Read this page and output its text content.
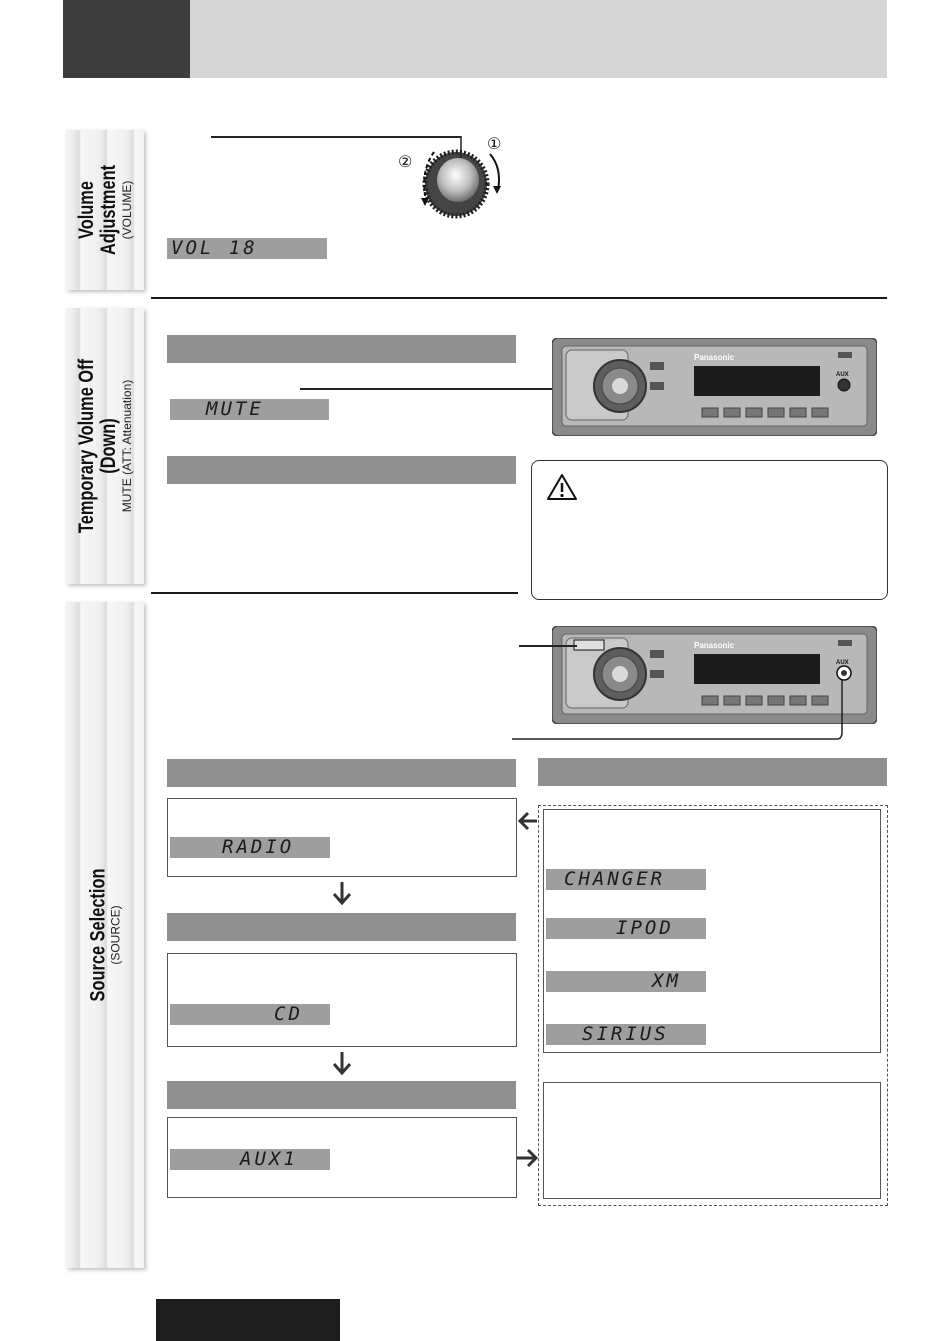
Volume Adjustment (VOLUME)
①
②
VOL 18
Temporary Volume Off (Down) MUTE (ATT: Attenuation)	MUTE
Panasonic
AUX
Source Selection (SOURCE)
Panasonic
AUX
RADIO
CD
AUX1
CHANGER
IPOD
XM
SIRIUS
